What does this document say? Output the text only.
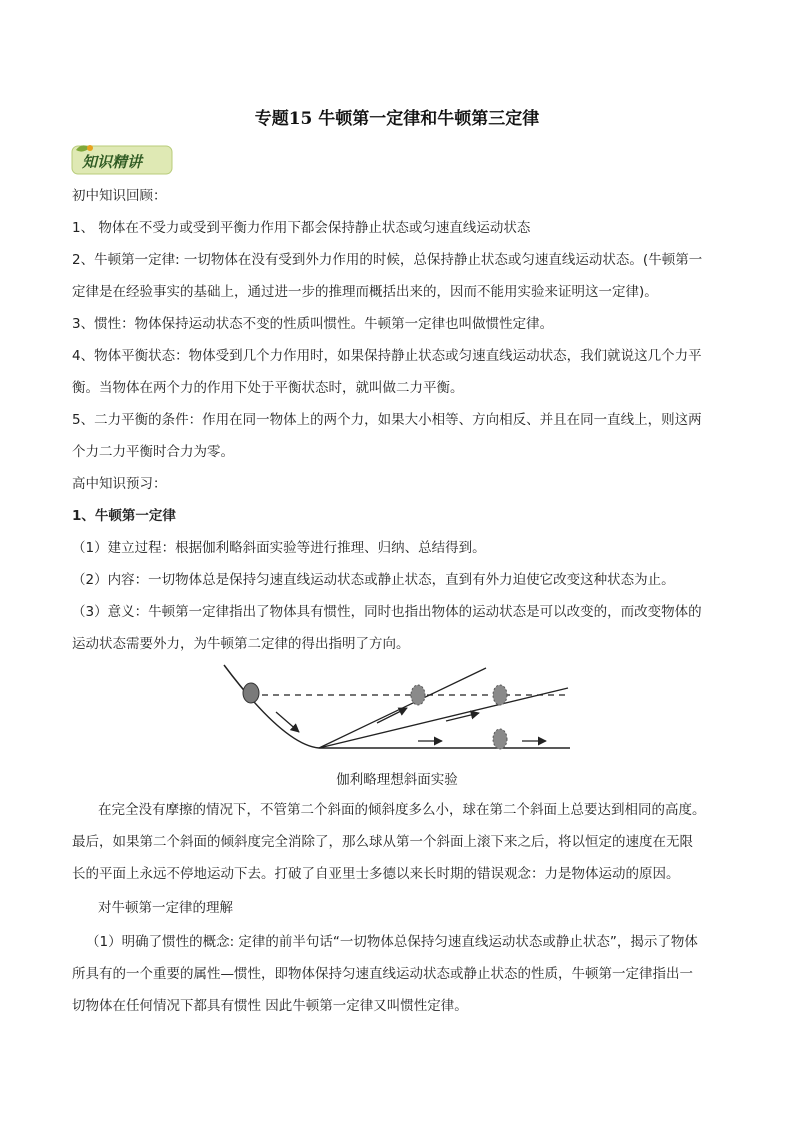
专题15 牛顿第一定律和牛顿第三定律
知识精讲
初中知识回顾：
1、 物体在不受力或受到平衡力作用下都会保持静止状态或匀速直线运动状态
2、牛顿第一定律: 一切物体在没有受到外力作用的时候，总保持静止状态或匀速直线运动状态。(牛顿第一
定律是在经验事实的基础上，通过进一步的推理而概括出来的，因而不能用实验来证明这一定律)。
3、惯性：物体保持运动状态不变的性质叫惯性。牛顿第一定律也叫做惯性定律。
4、物体平衡状态：物体受到几个力作用时，如果保持静止状态或匀速直线运动状态，我们就说这几个力平
衡。当物体在两个力的作用下处于平衡状态时，就叫做二力平衡。
5、二力平衡的条件：作用在同一物体上的两个力，如果大小相等、方向相反、并且在同一直线上，则这两
个力二力平衡时合力为零。
高中知识预习：
1、牛顿第一定律
（1）建立过程：根据伽利略斜面实验等进行推理、归纳、总结得到。
（2）内容：一切物体总是保持匀速直线运动状态或静止状态，直到有外力迫使它改变这种状态为止。
（3）意义：牛顿第一定律指出了物体具有惯性，同时也指出物体的运动状态是可以改变的，而改变物体的
运动状态需要外力，为牛顿第二定律的得出指明了方向。
伽利略理想斜面实验
在完全没有摩擦的情况下，不管第二个斜面的倾斜度多么小，球在第二个斜面上总要达到相同的高度。
最后，如果第二个斜面的倾斜度完全消除了，那么球从第一个斜面上滚下来之后，将以恒定的速度在无限
长的平面上永远不停地运动下去。打破了自亚里士多德以来长时期的错误观念：力是物体运动的原因。
对牛顿第一定律的理解
（1）明确了惯性的概念: 定律的前半句话“一切物体总保持匀速直线运动状态或静止状态”，揭示了物体
所具有的一个重要的属性—惯性，即物体保持匀速直线运动状态或静止状态的性质，牛顿第一定律指出一
切物体在任何情况下都具有惯性 因此牛顿第一定律又叫惯性定律。
